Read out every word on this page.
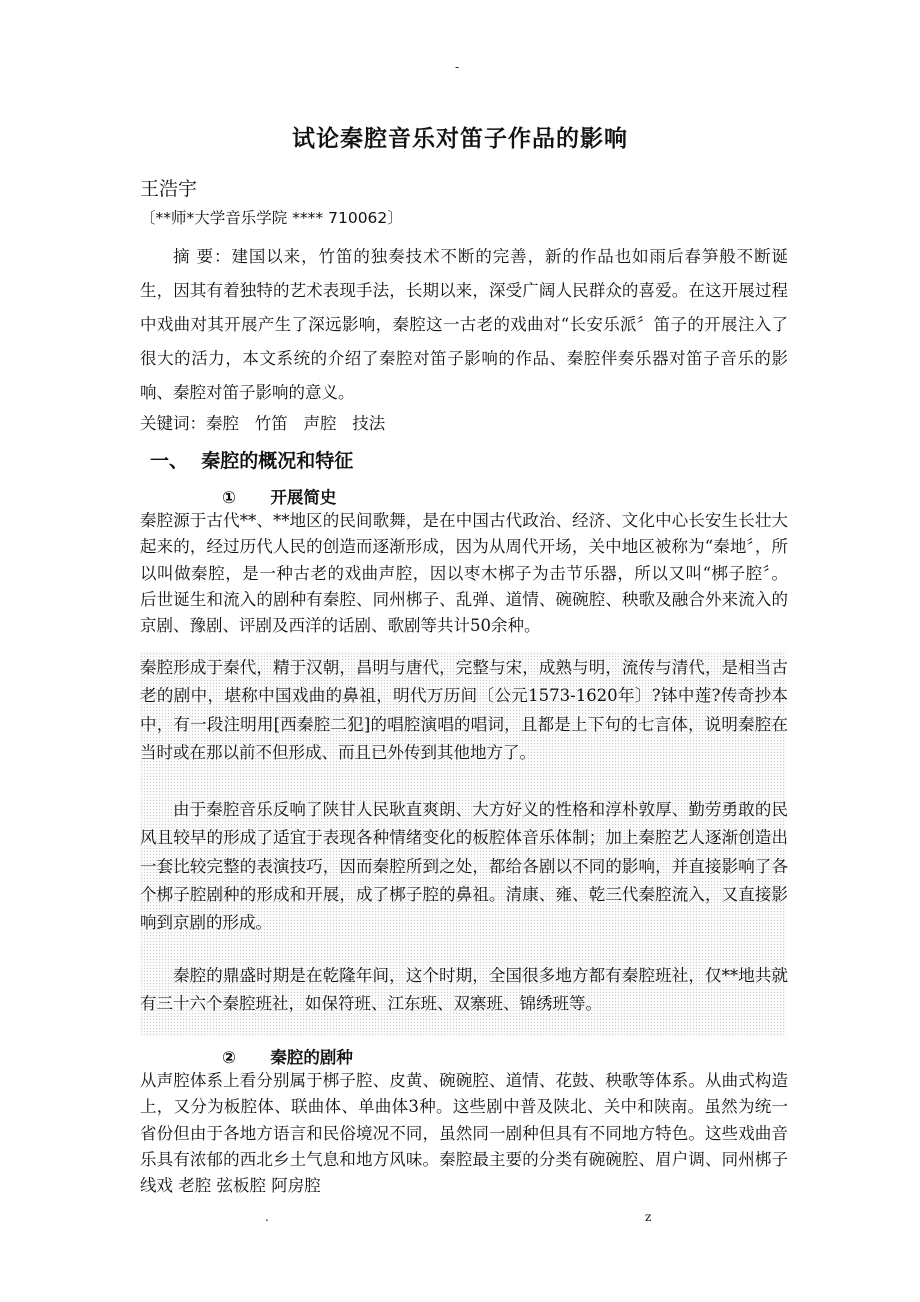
-
试论秦腔音乐对笛子作品的影响
王浩宇
〔**师*大学音乐学院 **** 710062〕
摘 要：建国以来，竹笛的独奏技术不断的完善，新的作品也如雨后春笋般不断诞生，因其有着独特的艺术表现手法，长期以来，深受广阔人民群众的喜爱。在这开展过程中戏曲对其开展产生了深远影响，秦腔这一古老的戏曲对“长安乐派〞笛子的开展注入了很大的活力，本文系统的介绍了秦腔对笛子影响的作品、秦腔伴奏乐器对笛子音乐的影响、秦腔对笛子影响的意义。
关键词：秦腔   竹笛   声腔   技法
一、  秦腔的概况和特征
①      开展简史
秦腔源于古代**、**地区的民间歌舞，是在中国古代政治、经济、文化中心长安生长壮大起来的，经过历代人民的创造而逐渐形成，因为从周代开场，关中地区被称为“秦地〞，所以叫做秦腔，是一种古老的戏曲声腔，因以枣木梆子为击节乐器，所以又叫“梆子腔〞。 后世诞生和流入的剧种有秦腔、同州梆子、乱弹、道情、碗碗腔、秧歌及融合外来流入的京剧、豫剧、评剧及西洋的话剧、歌剧等共计50余种。
秦腔形成于秦代，精于汉朝，昌明与唐代，完整与宋，成熟与明，流传与清代，是相当古老的剧中，堪称中国戏曲的鼻祖，明代万历间〔公元1573-1620年〕?钵中莲?传奇抄本中，有一段注明用[西秦腔二犯]的唱腔演唱的唱词，且都是上下句的七言体，说明秦腔在当时或在那以前不但形成、而且已外传到其他地方了。
由于秦腔音乐反响了陕甘人民耿直爽朗、大方好义的性格和淳朴敦厚、勤劳勇敢的民风且较早的形成了适宜于表现各种情绪变化的板腔体音乐体制；加上秦腔艺人逐渐创造出一套比较完整的表演技巧，因而秦腔所到之处，都给各剧以不同的影响，并直接影响了各个梆子腔剧种的形成和开展，成了梆子腔的鼻祖。清康、雍、乾三代秦腔流入，又直接影响到京剧的形成。
秦腔的鼎盛时期是在乾隆年间，这个时期，全国很多地方都有秦腔班社，仅**地共就有三十六个秦腔班社，如保符班、江东班、双寨班、锦绣班等。
②      秦腔的剧种
从声腔体系上看分别属于梆子腔、皮黄、碗碗腔、道情、花鼓、秧歌等体系。从曲式构造上，又分为板腔体、联曲体、单曲体3种。这些剧中普及陕北、关中和陕南。虽然为统一省份但由于各地方语言和民俗境况不同，虽然同一剧种但具有不同地方特色。这些戏曲音乐具有浓郁的西北乡土气息和地方风味。秦腔最主要的分类有碗碗腔、眉户调、同州梆子 线戏 老腔 弦板腔 阿房腔
.	z
